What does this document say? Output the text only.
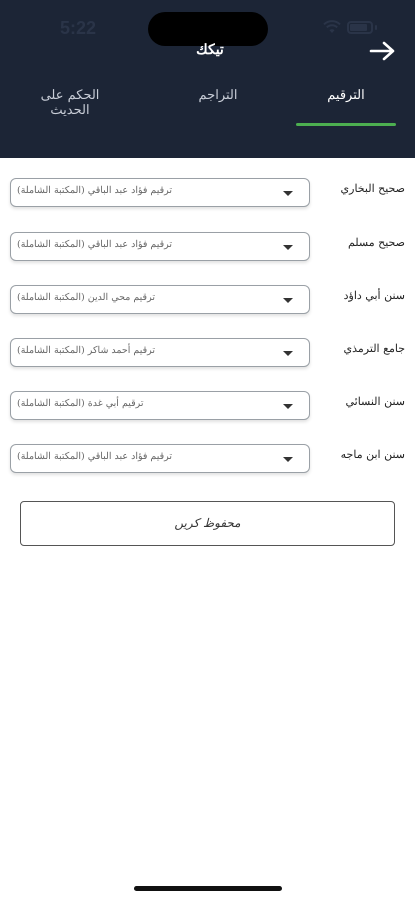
5:22
تيكك
الترقيم
التراجم
الحكم على الحديث
صحيح البخاري
ترقيم فؤاد عبد الباقي (المكتبة الشاملة)
صحيح مسلم
ترقيم فؤاد عبد الباقي (المكتبة الشاملة)
سنن أبي داؤد
ترقيم محي الدين (المكتبة الشاملة)
جامع الترمذي
ترقيم أحمد شاكر (المكتبة الشاملة)
سنن النسائي
ترقيم أبي غدة (المكتبة الشاملة)
سنن ابن ماجه
ترقيم فؤاد عبد الباقي (المكتبة الشاملة)
محفوظ کریں
